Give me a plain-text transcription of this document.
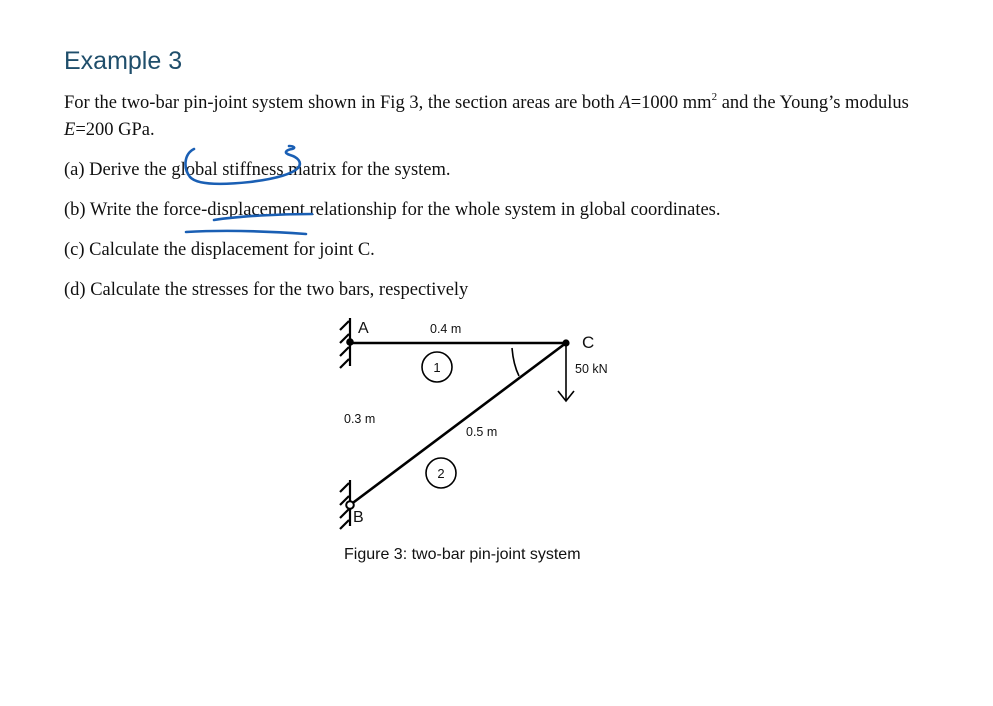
Example 3

For the two-bar pin-joint system shown in Fig 3, the section areas are both A=1000 $mm^2$ and the Young’s modulus E=200 GPa.

(a) Derive the global stiffness matrix for the system.

(b) Write the force-displacement relationship for the whole system in global coordinates.

(c) Calculate the displacement for joint C.

(d) Calculate the stresses for the two bars, respectively

A
B
C
0.4 m
0.3 m
0.5 m
1
2
50 kN
Figure 3: two-bar pin-joint system
